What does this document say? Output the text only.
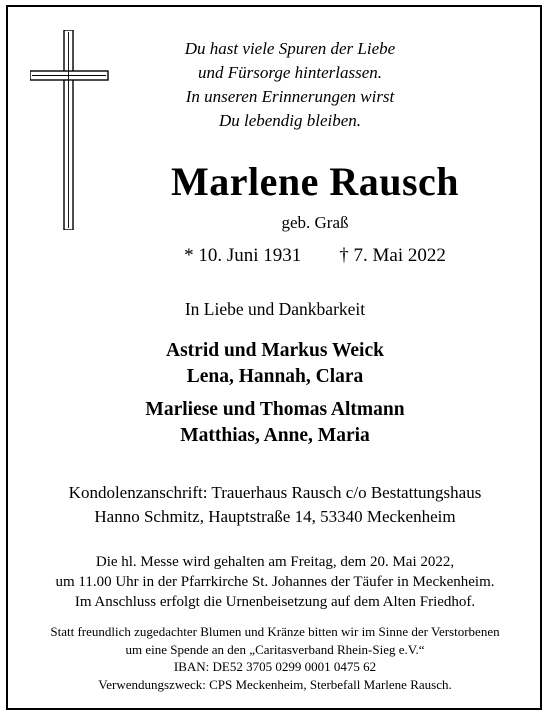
Du hast viele Spuren der Liebe
und Fürsorge hinterlassen.
In unseren Erinnerungen wirst
Du lebendig bleiben.
Marlene Rausch
geb. Graß
* 10. Juni 1931 † 7. Mai 2022
In Liebe und Dankbarkeit
Astrid und Markus Weick
Lena, Hannah, Clara
Marliese und Thomas Altmann
Matthias, Anne, Maria
Kondolenzanschrift: Trauerhaus Rausch c/o Bestattungshaus
Hanno Schmitz, Hauptstraße 14, 53340 Meckenheim
Die hl. Messe wird gehalten am Freitag, dem 20. Mai 2022,
um 11.00 Uhr in der Pfarrkirche St. Johannes der Täufer in Meckenheim.
Im Anschluss erfolgt die Urnenbeisetzung auf dem Alten Friedhof.
Statt freundlich zugedachter Blumen und Kränze bitten wir im Sinne der Verstorbenen
um eine Spende an den „Caritasverband Rhein-Sieg e.V.“
IBAN: DE52 3705 0299 0001 0475 62
Verwendungszweck: CPS Meckenheim, Sterbefall Marlene Rausch.
